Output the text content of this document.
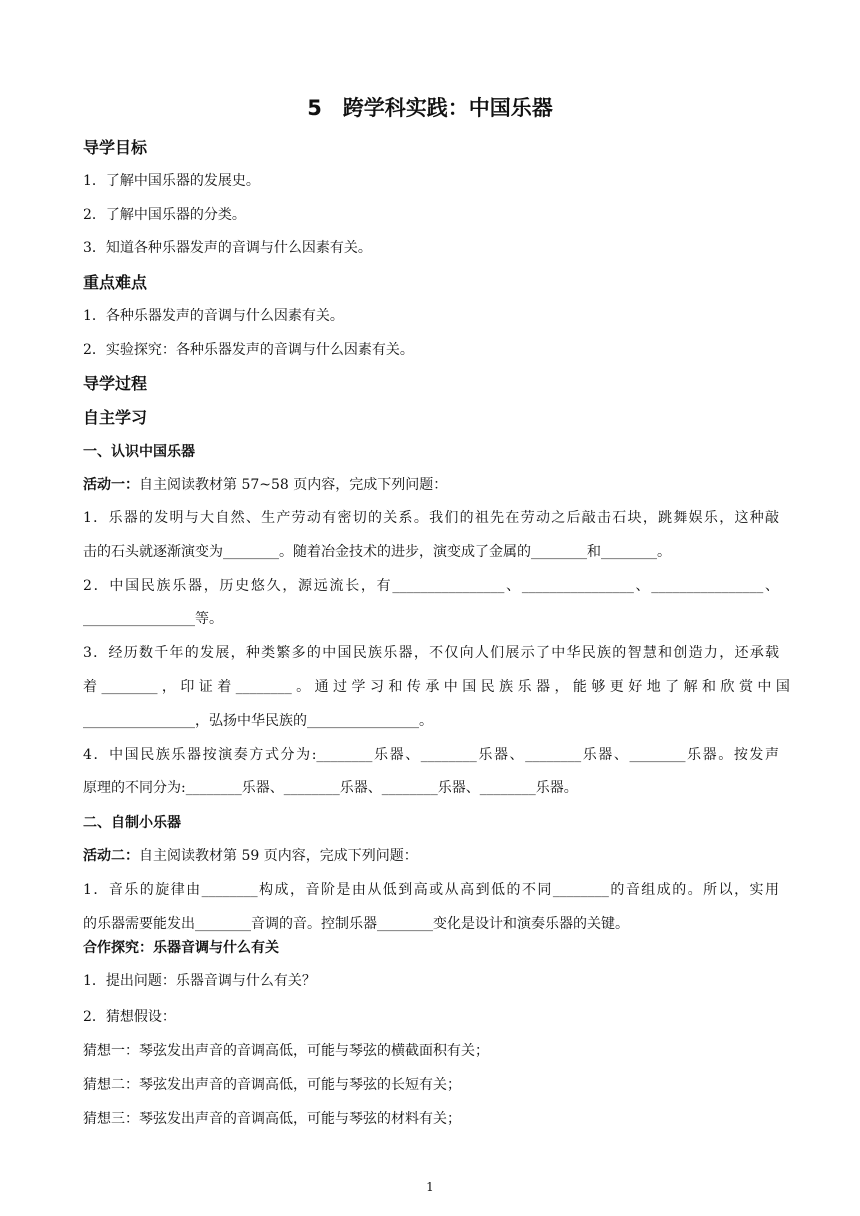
5　跨学科实践：中国乐器
导学目标
1．了解中国乐器的发展史。
2．了解中国乐器的分类。
3．知道各种乐器发声的音调与什么因素有关。
重点难点
1．各种乐器发声的音调与什么因素有关。
2．实验探究：各种乐器发声的音调与什么因素有关。
导学过程
自主学习
一、认识中国乐器
活动一：自主阅读教材第 57~58 页内容，完成下列问题：
1．乐器的发明与大自然、生产劳动有密切的关系。我们的祖先在劳动之后敲击石块，跳舞娱乐，这种敲
击的石头就逐渐演变为________。随着冶金技术的进步，演变成了金属的________和________。
2．中国民族乐器，历史悠久，源远流长，有________________、________________、________________、
________________等。
3．经历数千年的发展，种类繁多的中国民族乐器，不仅向人们展示了中华民族的智慧和创造力，还承载
着 ________ ， 印 证 着 ________ 。 通 过 学 习 和 传 承 中 国 民 族 乐 器 ， 能 够 更 好 地 了 解 和 欣 赏 中 国
________________，弘扬中华民族的________________。
4．中国民族乐器按演奏方式分为:________乐器、________乐器、________乐器、________乐器。按发声
原理的不同分为:________乐器、________乐器、________乐器、________乐器。
二、自制小乐器
活动二：自主阅读教材第 59 页内容，完成下列问题：
1．音乐的旋律由________构成，音阶是由从低到高或从高到低的不同________的音组成的。所以，实用
的乐器需要能发出________音调的音。控制乐器________变化是设计和演奏乐器的关键。
合作探究：乐器音调与什么有关
1．提出问题：乐器音调与什么有关？
2．猜想假设：
猜想一：琴弦发出声音的音调高低，可能与琴弦的横截面积有关；
猜想二：琴弦发出声音的音调高低，可能与琴弦的长短有关；
猜想三：琴弦发出声音的音调高低，可能与琴弦的材料有关；
1
